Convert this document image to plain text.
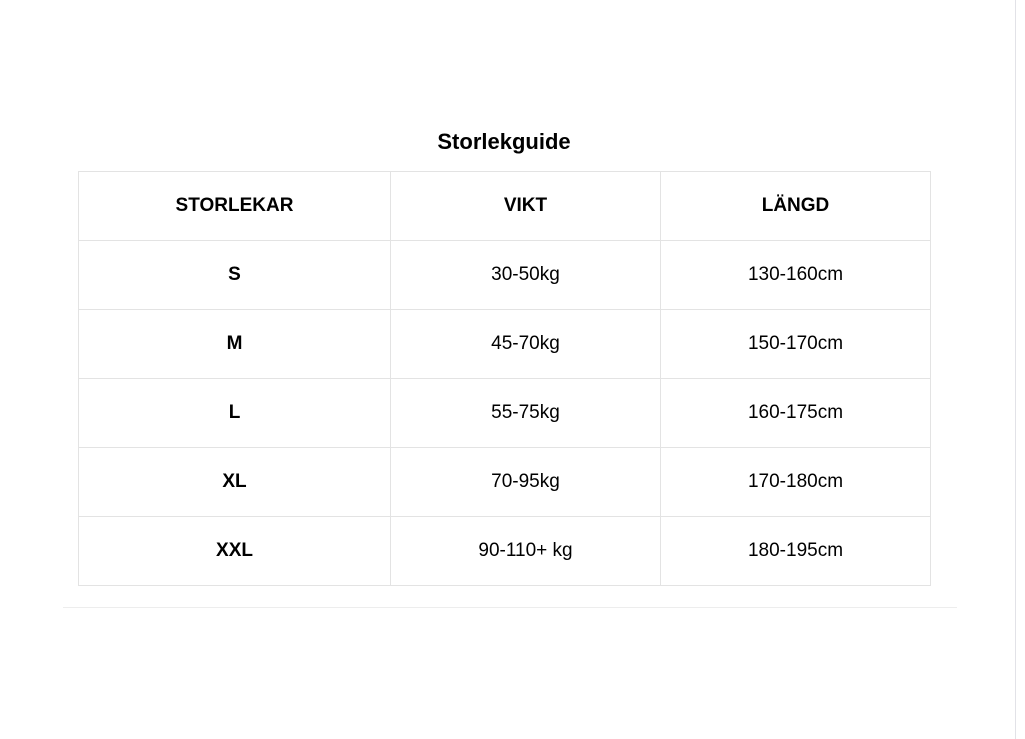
Storlekguide
STORLEKAR	VIKT	LÄNGD
S	30-50kg	130-160cm
M	45-70kg	150-170cm
L	55-75kg	160-175cm
XL	70-95kg	170-180cm
XXL	90-110+ kg	180-195cm
